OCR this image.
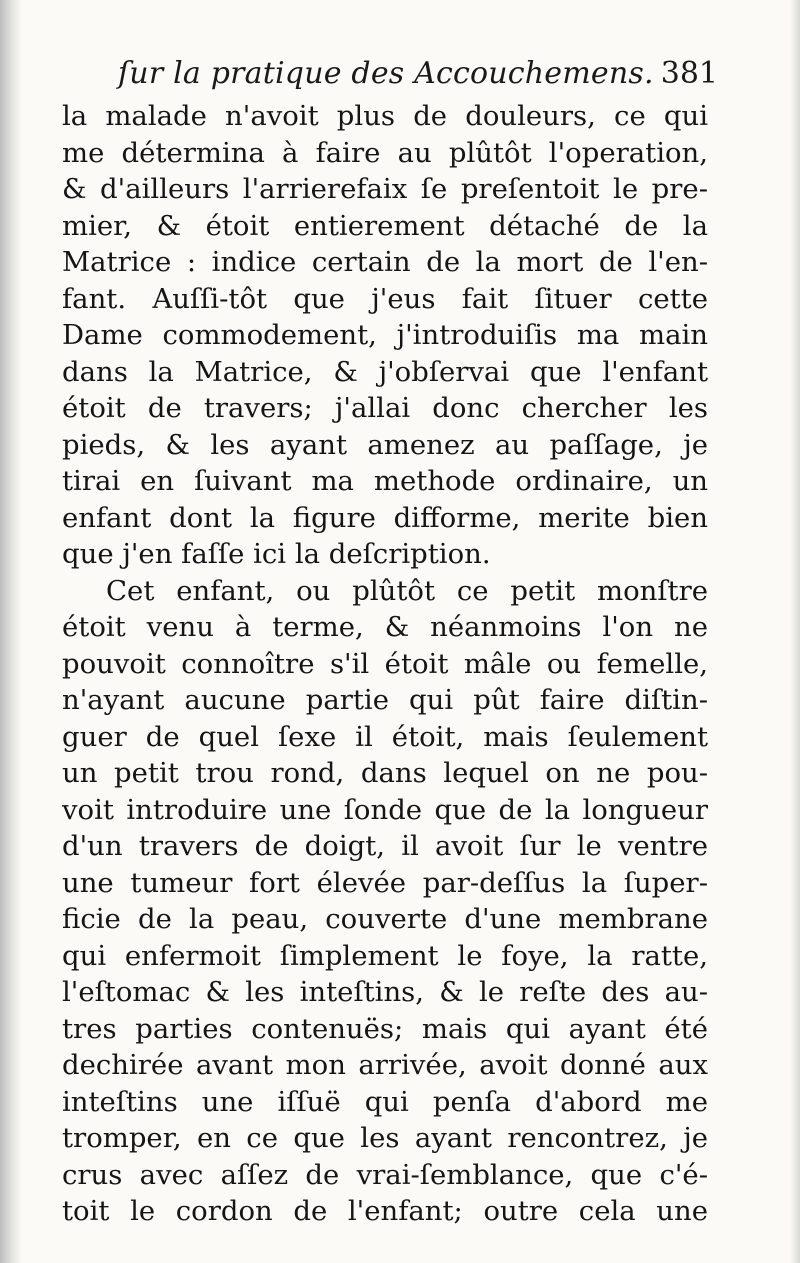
ſur la pratique des Accouchemens. 381
la malade n'avoit plus de douleurs, ce qui
me détermina à faire au plûtôt l'operation,
& d'ailleurs l'arrierefaix ſe preſentoit le pre-
mier, & étoit entierement détaché de la
Matrice : indice certain de la mort de l'en-
fant. Auſſi-tôt que j'eus fait ſituer cette
Dame commodement, j'introduiſis ma main
dans la Matrice, & j'obſervai que l'enfant
étoit de travers; j'allai donc chercher les
pieds, & les ayant amenez au paſſage, je
tirai en ſuivant ma methode ordinaire, un
enfant dont la figure difforme, merite bien
que j'en faſſe ici la deſcription.
Cet enfant, ou plûtôt ce petit monſtre
étoit venu à terme, & néanmoins l'on ne
pouvoit connoître s'il étoit mâle ou femelle,
n'ayant aucune partie qui pût faire diſtin-
guer de quel ſexe il étoit, mais ſeulement
un petit trou rond, dans lequel on ne pou-
voit introduire une ſonde que de la longueur
d'un travers de doigt, il avoit ſur le ventre
une tumeur fort élevée par-deſſus la ſuper-
ficie de la peau, couverte d'une membrane
qui enfermoit ſimplement le foye, la ratte,
l'eſtomac & les inteſtins, & le reſte des au-
tres parties contenuës; mais qui ayant été
dechirée avant mon arrivée, avoit donné aux
inteſtins une iſſuë qui penſa d'abord me
tromper, en ce que les ayant rencontrez, je
crus avec aſſez de vrai-ſemblance, que c'é-
toit le cordon de l'enfant; outre cela une
